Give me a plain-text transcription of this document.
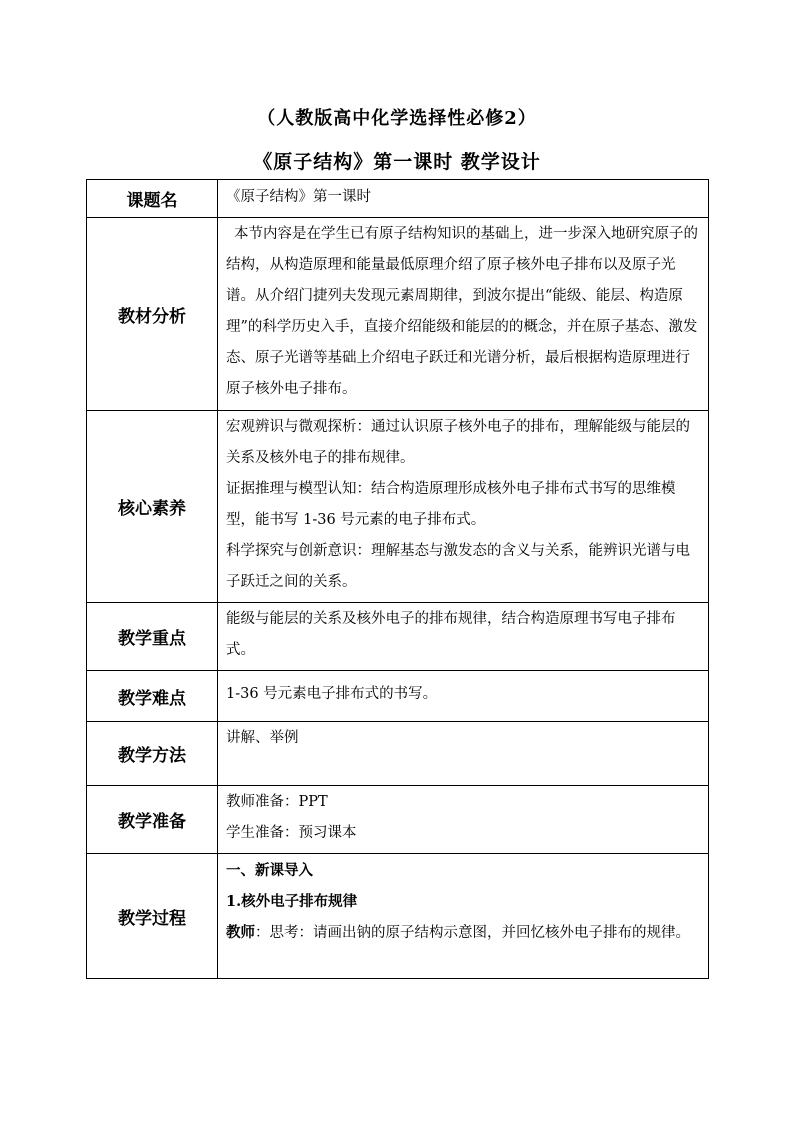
（人教版高中化学选择性必修2）
《原子结构》第一课时 教学设计
课题名	《原子结构》第一课时

教材分析	本节内容是在学生已有原子结构知识的基础上，进一步深入地研究原子的结构，从构造原理和能量最低原理介绍了原子核外电子排布以及原子光谱。从介绍门捷列夫发现元素周期律，到波尔提出“能级、能层、构造原理”的科学历史入手，直接介绍能级和能层的的概念，并在原子基态、激发态、原子光谱等基础上介绍电子跃迁和光谱分析，最后根据构造原理进行原子核外电子排布。

核心素养	宏观辨识与微观探析：通过认识原子核外电子的排布，理解能级与能层的关系及核外电子的排布规律。

证据推理与模型认知：结合构造原理形成核外电子排布式书写的思维模型，能书写 1-36 号元素的电子排布式。

科学探究与创新意识：理解基态与激发态的含义与关系，能辨识光谱与电子跃迁之间的关系。

教学重点	能级与能层的关系及核外电子的排布规律，结合构造原理书写电子排布式。

教学难点	1-36 号元素电子排布式的书写。

教学方法	讲解、举例

教学准备	教师准备：PPT

学生准备：预习课本

教学过程	一、新课导入

1.核外电子排布规律

教师：思考：请画出钠的原子结构示意图，并回忆核外电子排布的规律。
